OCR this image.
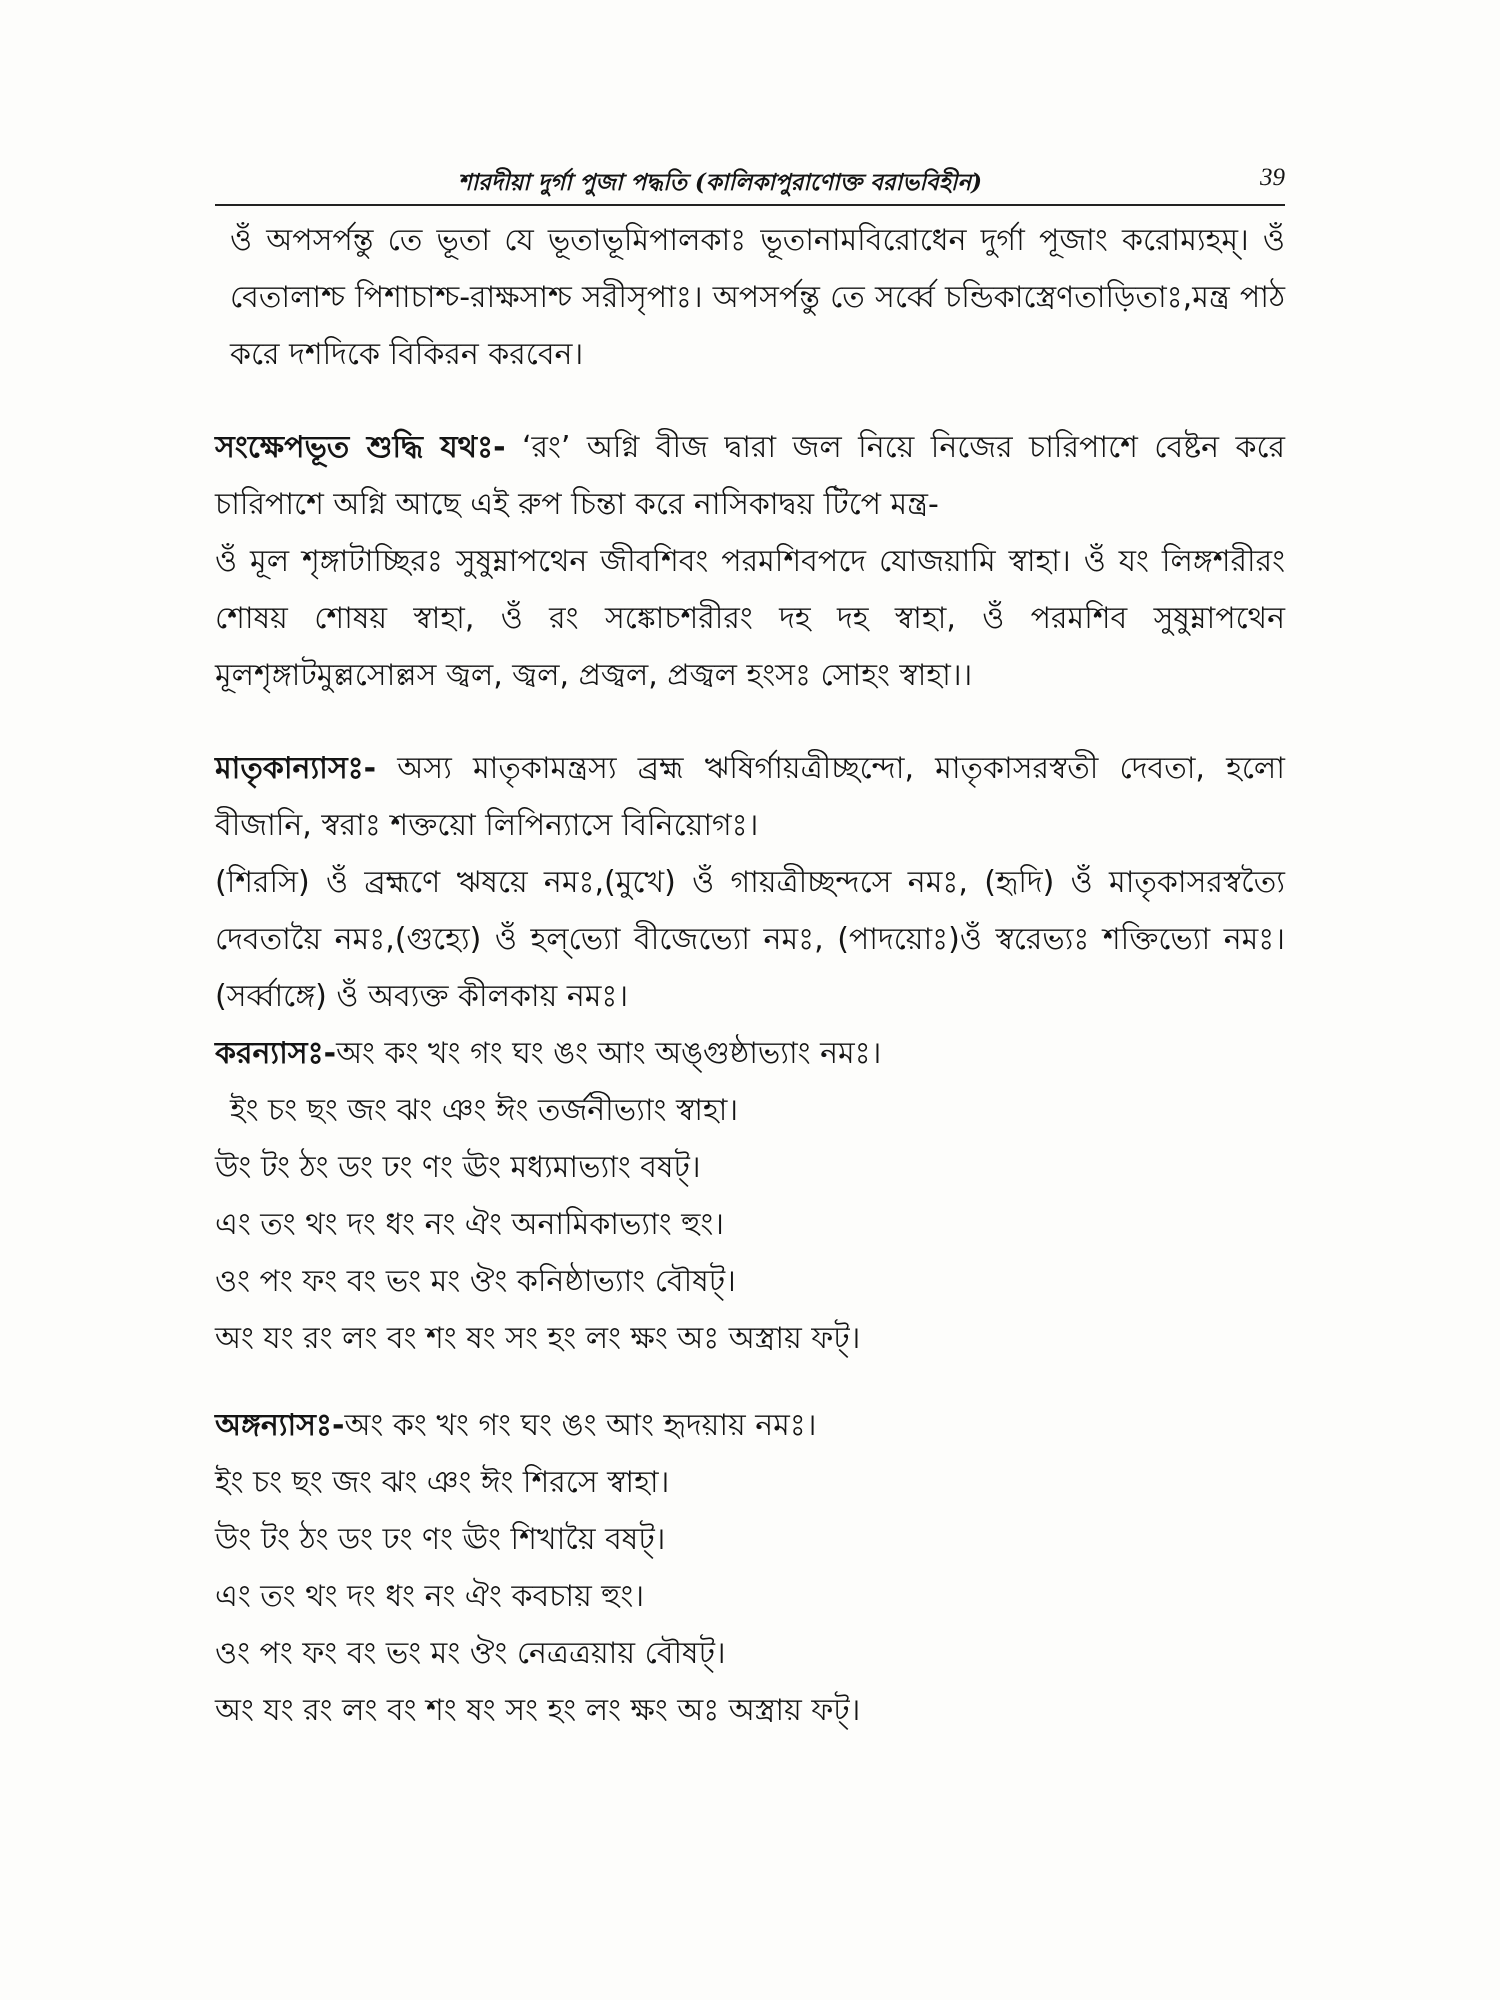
শারদীয়া দুর্গা পুজা পদ্ধতি (কালিকাপুরাণোক্ত বরাভবিহীন)	39

ওঁ অপসর্পন্তু তে ভূতা যে ভূতাভূমিপালকাঃ ভূতানামবিরোধেন দুর্গা পূজাং করোম্যহম্। ওঁ বেতালাশ্চ পিশাচাশ্চ-রাক্ষসাশ্চ সরীসৃপাঃ। অপসর্পন্তু তে সর্ব্বে চন্ডিকাস্ত্রেণতাড়িতাঃ,মন্ত্র পাঠ করে দশদিকে বিকিরন করবেন।

সংক্ষেপভূত শুদ্ধি যথঃ- ‘রং’ অগ্নি বীজ দ্বারা জল নিয়ে নিজের চারিপাশে বেষ্টন করে চারিপাশে অগ্নি আছে এই রুপ চিন্তা করে নাসিকাদ্বয় টিপে মন্ত্র-

ওঁ মূল শৃঙ্গাটাচ্ছিরঃ সুষুম্নাপথেন জীবশিবং পরমশিবপদে যোজয়ামি স্বাহা। ওঁ যং লিঙ্গশরীরং শোষয় শোষয় স্বাহা, ওঁ রং সঙ্কোচশরীরং দহ দহ স্বাহা, ওঁ পরমশিব সুষুম্নাপথেন মূলশৃঙ্গাটমুল্লসোল্লস জ্বল, জ্বল, প্রজ্বল, প্রজ্বল হংসঃ সোহং স্বাহা।।

মাতৃকান্যাসঃ- অস্য মাতৃকামন্ত্রস্য ব্রহ্ম ঋষির্গায়ত্রীচ্ছন্দো, মাতৃকাসরস্বতী দেবতা, হলো বীজানি, স্বরাঃ শক্তয়ো লিপিন্যাসে বিনিয়োগঃ।

(শিরসি) ওঁ ব্রহ্মণে ঋষয়ে নমঃ,(মুখে) ওঁ গায়ত্রীচ্ছন্দসে নমঃ, (হৃদি) ওঁ মাতৃকাসরস্বত্যৈ দেবতায়ৈ নমঃ,(গুহ্যে) ওঁ হল্‌ভ্যো বীজেভ্যো নমঃ, (পাদয়োঃ)ওঁ স্বরেভ্যঃ শক্তিভ্যো নমঃ। (সর্ব্বাঙ্গে) ওঁ অব্যক্ত কীলকায় নমঃ।

করন্যাসঃ-অং কং খং গং ঘং ঙং আং অঙ্গুষ্ঠাভ্যাং নমঃ।

ইং চং ছং জং ঝং ঞং ঈং তর্জনীভ্যাং স্বাহা।

উং টং ঠং ডং ঢং ণং ঊং মধ্যমাভ্যাং বষট্।

এং তং থং দং ধং নং ঐং অনামিকাভ্যাং হুং।

ওং পং ফং বং ভং মং ঔং কনিষ্ঠাভ্যাং বৌষট্।

অং যং রং লং বং শং ষং সং হং লং ক্ষং অঃ অস্ত্রায় ফট্।

অঙ্গন্যাসঃ-অং কং খং গং ঘং ঙং আং হৃদয়ায় নমঃ।

ইং চং ছং জং ঝং ঞং ঈং শিরসে স্বাহা।

উং টং ঠং ডং ঢং ণং ঊং শিখায়ৈ বষট্।

এং তং থং দং ধং নং ঐং কবচায় হুং।

ওং পং ফং বং ভং মং ঔং নেত্রত্রয়ায় বৌষট্।

অং যং রং লং বং শং ষং সং হং লং ক্ষং অঃ অস্ত্রায় ফট্।
